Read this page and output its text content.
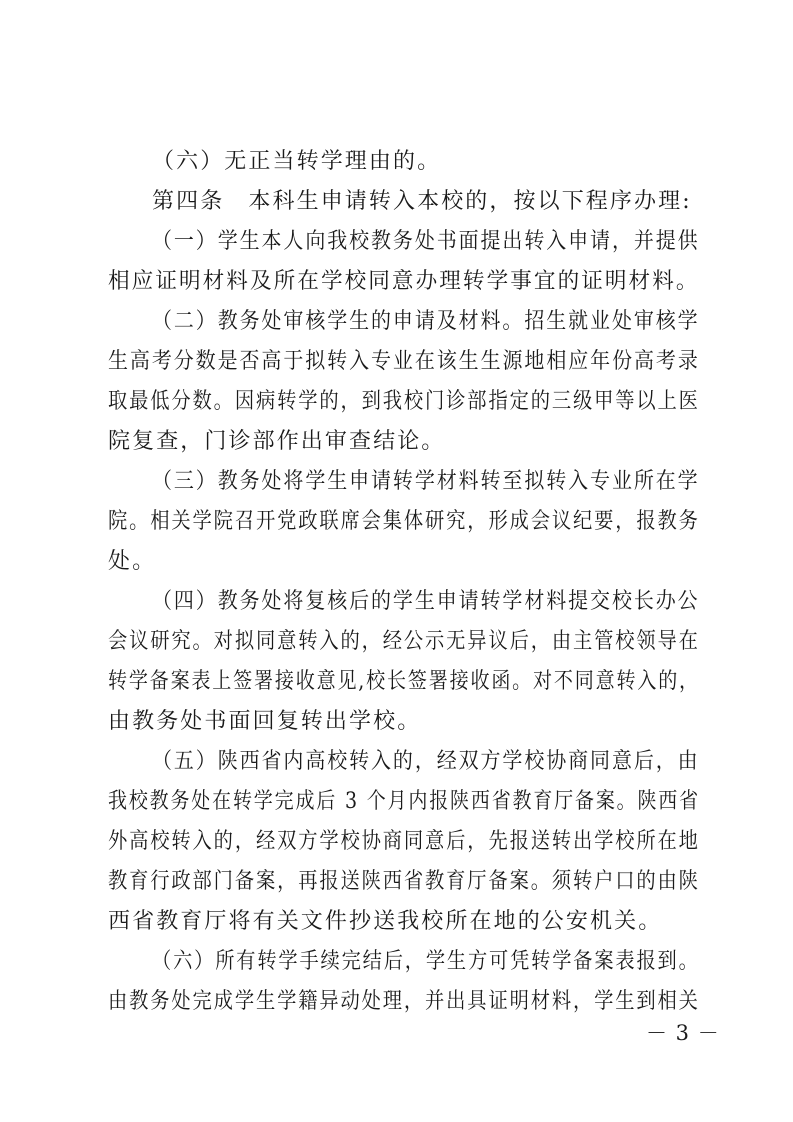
（六）无正当转学理由的。
第四条　本科生申请转入本校的，按以下程序办理:
（一）学生本人向我校教务处书面提出转入申请，并提供
相应证明材料及所在学校同意办理转学事宜的证明材料。
（二）教务处审核学生的申请及材料。招生就业处审核学
生高考分数是否高于拟转入专业在该生生源地相应年份高考录
取最低分数。因病转学的，到我校门诊部指定的三级甲等以上医
院复查，门诊部作出审查结论。
（三）教务处将学生申请转学材料转至拟转入专业所在学
院。相关学院召开党政联席会集体研究，形成会议纪要，报教务
处。
（四）教务处将复核后的学生申请转学材料提交校长办公
会议研究。对拟同意转入的，经公示无异议后，由主管校领导在
转学备案表上签署接收意见,校长签署接收函。对不同意转入的，
由教务处书面回复转出学校。
（五）陕西省内高校转入的，经双方学校协商同意后，由
我校教务处在转学完成后 3 个月内报陕西省教育厅备案。陕西省
外高校转入的，经双方学校协商同意后，先报送转出学校所在地
教育行政部门备案，再报送陕西省教育厅备案。须转户口的由陕
西省教育厅将有关文件抄送我校所在地的公安机关。
（六）所有转学手续完结后，学生方可凭转学备案表报到。
由教务处完成学生学籍异动处理，并出具证明材料，学生到相关
－ 3 －
